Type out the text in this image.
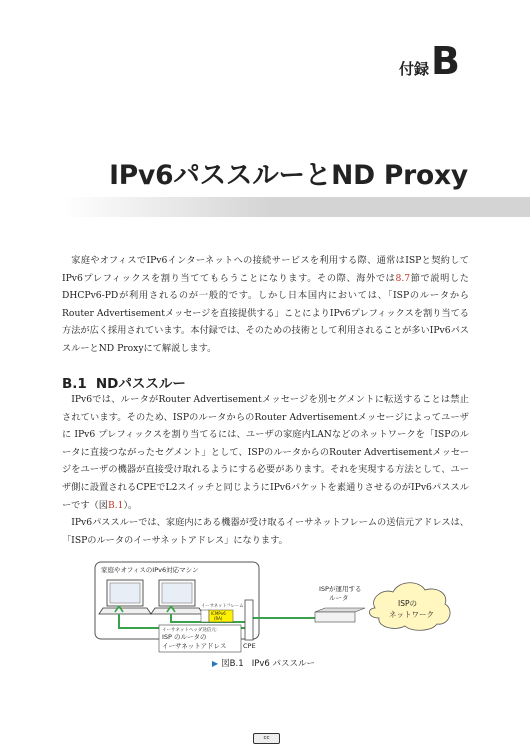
付録 B
IPv6パススルーとND Proxy

家庭やオフィスでIPv6インターネットへの接続サービスを利用する際、通常はISPと契約してIPv6プレフィックスを割り当ててもらうことになります。その際、海外では8.7節で説明したDHCPv6-PDが利用されるのが一般的です。しかし日本国内においては、「ISPのルータからRouter Advertisementメッセージを直接提供する」ことによりIPv6プレフィックスを割り当てる方法が広く採用されています。本付録では、そのための技術として利用されることが多いIPv6パススルーとND Proxyにて解説します。

B.1 NDパススルー

IPv6では、ルータがRouter Advertisementメッセージを別セグメントに転送することは禁止されています。そのため、ISPのルータからのRouter Advertisementメッセージによってユーザに IPv6 プレフィックスを割り当てるには、ユーザの家庭内LANなどのネットワークを「ISPのルータに直接つながったセグメント」として、ISPのルータからのRouter Advertisementメッセージをユーザの機器が直接受け取れるようにする必要があります。それを実現する方法として、ユーザ側に設置されるCPEでL2スイッチと同じようにIPv6パケットを素通りさせるのがIPv6パススルーです（図B.1）。

IPv6パススルーでは、家庭内にある機器が受け取るイーサネットフレームの送信元アドレスは、「ISPのルータのイーサネットアドレス」になります。

家庭やオフィスのIPv6対応マシン
イーサネットフレーム
ICMPv6
(RA)
イーサネットヘッダ送信元：
ISP のルータの
イーサネットアドレス	CPE
ISPが運用する
ルータ
ISPの
ネットワーク
▶ 図B.1 IPv6 パススルー
cc
